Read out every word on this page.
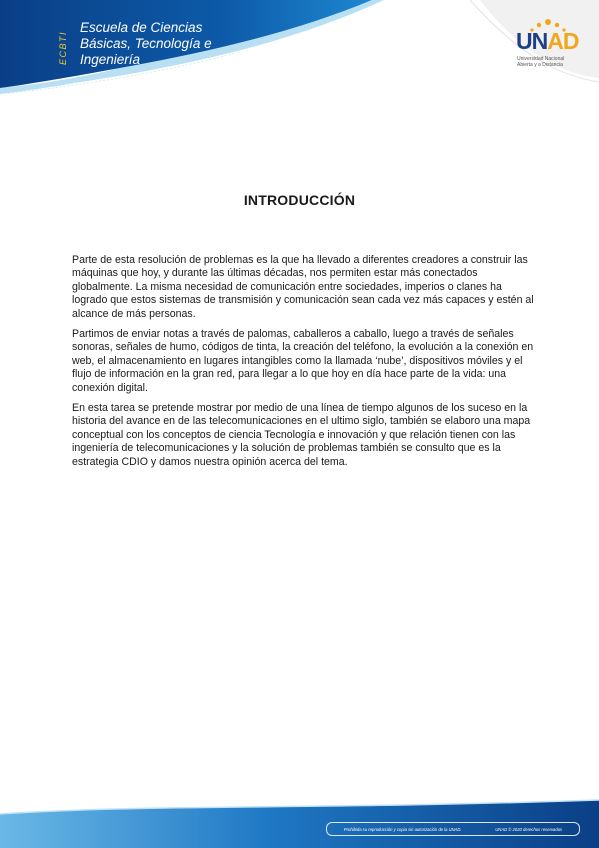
ECBTI
Escuela de Ciencias
Básicas, Tecnología e
Ingeniería
UNAD
Universidad Nacional
Abierta y a Distancia
INTRODUCCIÓN

Parte de esta resolución de problemas es la que ha llevado a diferentes creadores a construir las máquinas que hoy, y durante las últimas décadas, nos permiten estar más conectados globalmente. La misma necesidad de comunicación entre sociedades, imperios o clanes ha logrado que estos sistemas de transmisión y comunicación sean cada vez más capaces y estén al alcance de más personas.

Partimos de enviar notas a través de palomas, caballeros a caballo, luego a través de señales sonoras, señales de humo, códigos de tinta, la creación del teléfono, la evolución a la conexión en web, el almacenamiento en lugares intangibles como la llamada ‘nube’, dispositivos móviles y el flujo de información en la gran red, para llegar a lo que hoy en día hace parte de la vida: una conexión digital.

En esta tarea se pretende mostrar por medio de una línea de tiempo algunos de los suceso en la historia del avance en de las telecomunicaciones en el ultimo siglo, también se elaboro una mapa conceptual con los conceptos de ciencia Tecnología e innovación y que relación tienen con las ingeniería de telecomunicaciones y la solución de problemas también se consulto que es la estrategia CDIO y damos nuestra opinión acerca del tema.

Prohibida su reproducción y copia sin autorización de la UNAD.	UNAD © 2020 derechos reservados
